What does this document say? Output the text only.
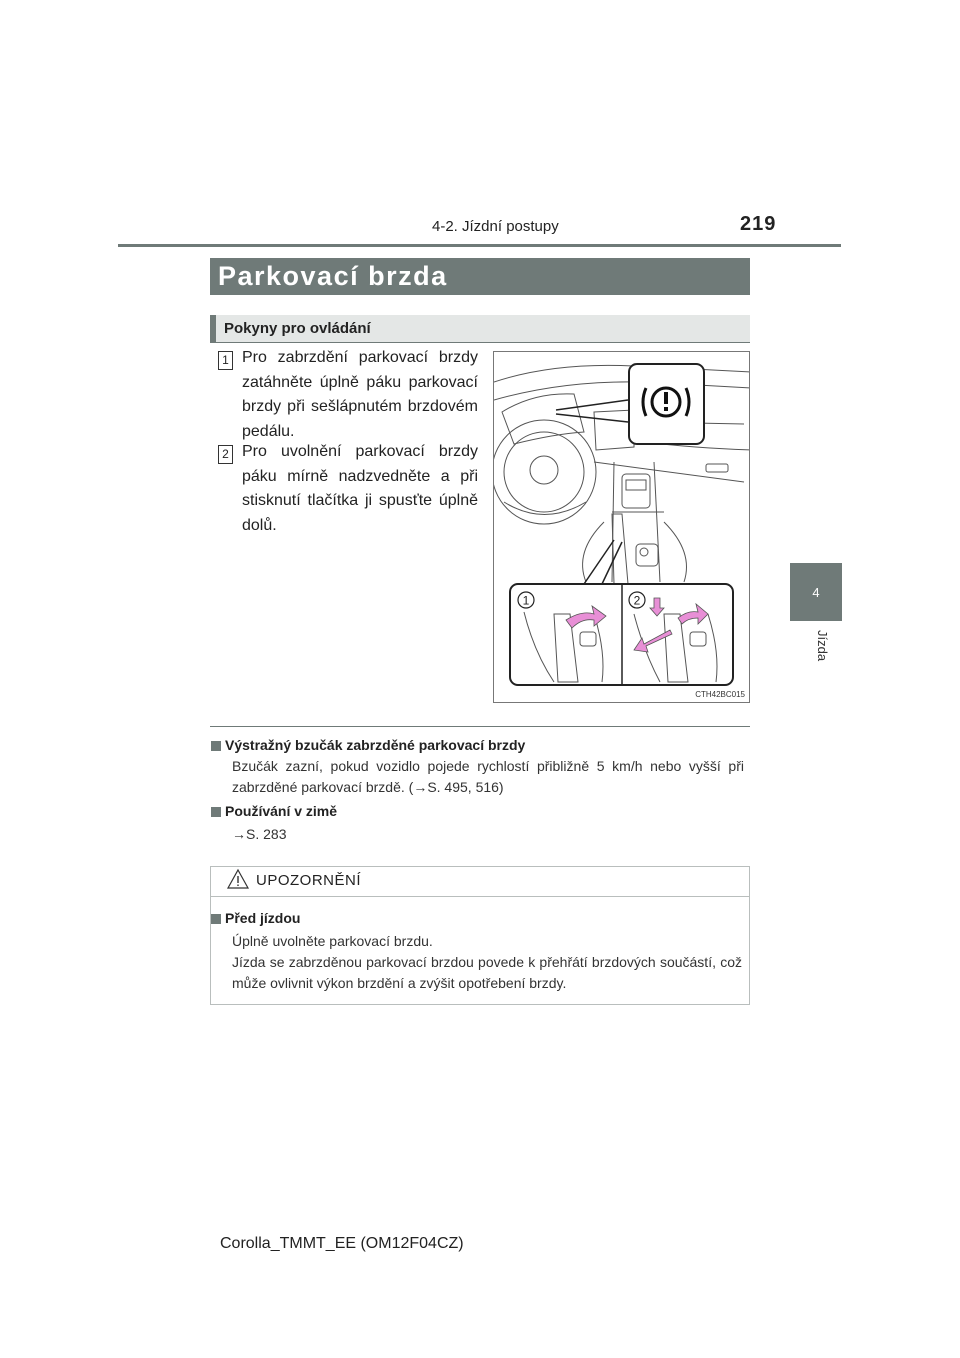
4-2. Jízdní postupy	219
4
Jízda
Parkovací brzda
Pokyny pro ovládání
1 Pro zabrzdění parkovací brzdy zatáhněte úplně páku parkovací brzdy při sešlápnutém brzdovém pedálu.
2 Pro uvolnění parkovací brzdy páku mírně nadzvedněte a při stisknutí tlačítka ji spusťte úplně dolů.
1	2
CTH42BC015
Výstražný bzučák zabrzděné parkovací brzdy
Bzučák zazní, pokud vozidlo pojede rychlostí přibližně 5 km/h nebo vyšší při zabrzděné parkovací brzdě. (→S. 495, 516)
Používání v zimě
→S. 283
UPOZORNĚNÍ
Před jízdou
Úplně uvolněte parkovací brzdu.
Jízda se zabrzděnou parkovací brzdou povede k přehřátí brzdových součástí, což může ovlivnit výkon brzdění a zvýšit opotřebení brzdy.
Corolla_TMMT_EE (OM12F04CZ)
